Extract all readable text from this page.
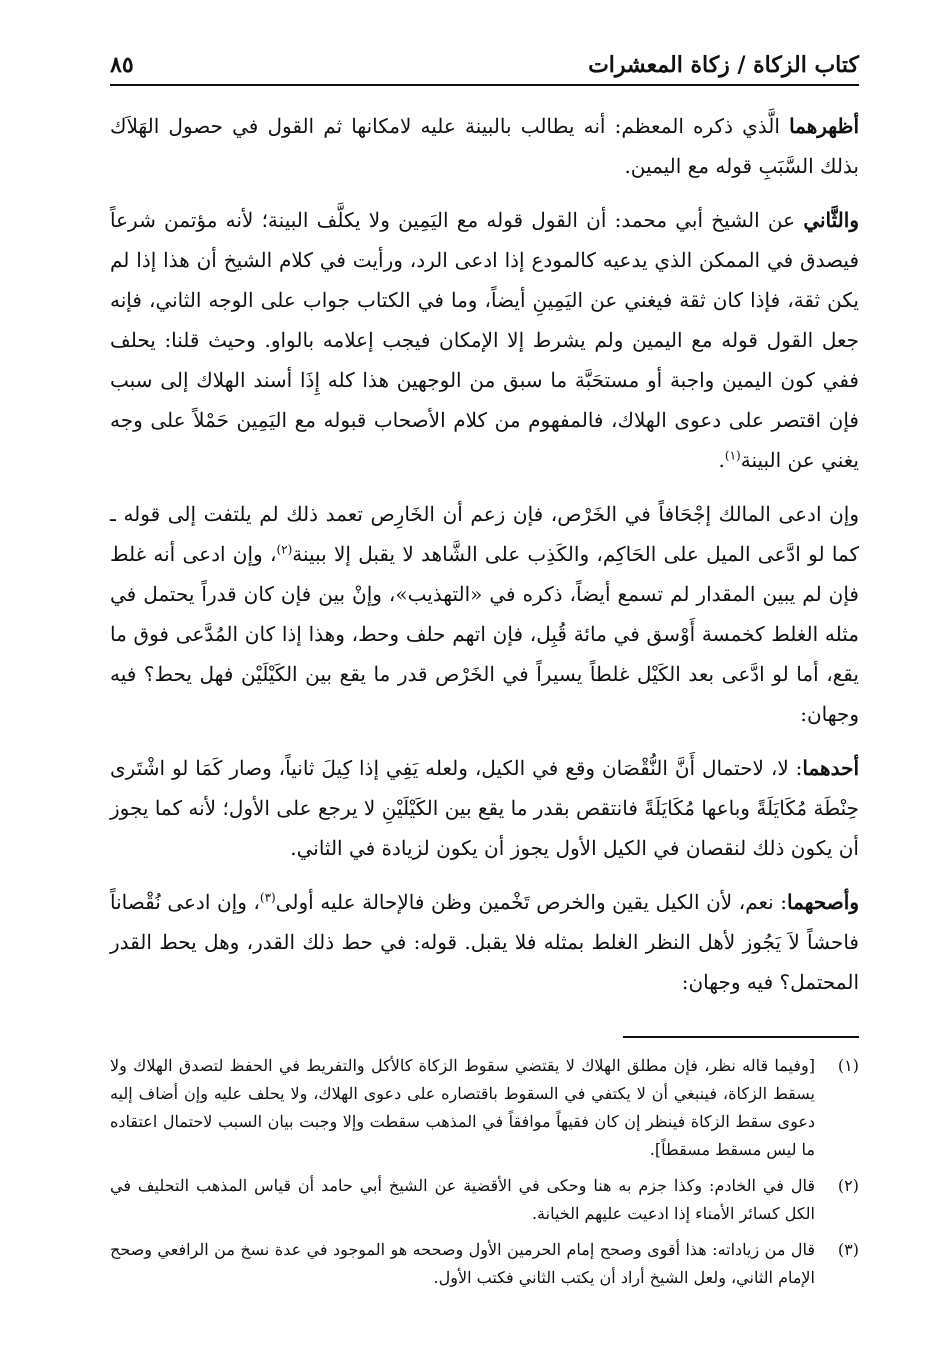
كتاب الزكاة / زكاة المعشرات
٨٥

أظهرهما الَّذي ذكره المعظم: أنه يطالب بالبينة عليه لامكانها ثم القول في حصول الهَلاَك بذلك السَّبَبِ قوله مع اليمين.

والثَّاني عن الشيخ أبي محمد: أن القول قوله مع اليَمِين ولا يكلَّف البينة؛ لأنه مؤتمن شرعاً فيصدق في الممكن الذي يدعيه كالمودع إذا ادعى الرد، ورأيت في كلام الشيخ أن هذا إذا لم يكن ثقة، فإذا كان ثقة فيغني عن اليَمِينِ أيضاً، وما في الكتاب جواب على الوجه الثاني، فإنه جعل القول قوله مع اليمين ولم يشرط إلا الإمكان فيجب إعلامه بالواو. وحيث قلنا: يحلف ففي كون اليمين واجبة أو مستحَبَّة ما سبق من الوجهين هذا كله إِذَا أسند الهلاك إلى سبب فإن اقتصر على دعوى الهلاك، فالمفهوم من كلام الأصحاب قبوله مع اليَمِين حَمْلاً على وجه يغني عن البينة$^{(١)}$.

وإن ادعى المالك إجْحَافاً في الخَرْص، فإن زعم أن الخَارِص تعمد ذلك لم يلتفت إلى قوله ـ كما لو ادَّعى الميل على الحَاكِم، والكَذِب على الشَّاهد لا يقبل إلا ببينة$^{(٢)}$، وإن ادعى أنه غلط فإن لم يبين المقدار لم تسمع أيضاً، ذكره في «التهذيب»، وإنْ بين فإن كان قدراً يحتمل في مثله الغلط كخمسة أَوْسق في مائة قُبِل، فإن اتهم حلف وحط، وهذا إذا كان المُدَّعى فوق ما يقع، أما لو ادَّعى بعد الكَيْل غلطاً يسيراً في الخَرْص قدر ما يقع بين الكَيْلَيْن فهل يحط؟ فيه وجهان:

أحدهما: لا، لاحتمال أَنَّ النُّقْصَان وقع في الكيل، ولعله يَفِي إذا كِيلَ ثانياً، وصار كَمَا لو اشْتَرى حِنْطَة مُكَايَلَةً وباعها مُكَايَلَةً فانتقص بقدر ما يقع بين الكَيْلَيْنِ لا يرجع على الأول؛ لأنه كما يجوز أن يكون ذلك لنقصان في الكيل الأول يجوز أن يكون لزيادة في الثاني.

وأصحهما: نعم، لأن الكيل يقين والخرص تَخْمين وظن فالإحالة عليه أولى$^{(٣)}$، وإن ادعى نُقْصاناً فاحشاً لاَ يَجُوز لأهل النظر الغلط بمثله فلا يقبل. قوله: في حط ذلك القدر، وهل يحط القدر المحتمل؟ فيه وجهان:

(١)
[وفيما قاله نظر، فإن مطلق الهلاك لا يقتضي سقوط الزكاة كالأكل والتفريط في الحفظ لتصدق الهلاك ولا يسقط الزكاة، فينبغي أن لا يكتفي في السقوط باقتصاره على دعوى الهلاك، ولا يحلف عليه وإن أضاف إليه دعوى سقط الزكاة فينظر إن كان فقيهاً موافقاً في المذهب سقطت وإلا وجبت بيان السبب لاحتمال اعتقاده ما ليس مسقط مسقطاً].
(٢)
قال في الخادم: وكذا جزم به هنا وحكى في الأقضية عن الشيخ أبي حامد أن قياس المذهب التحليف في الكل كسائر الأمناء إذا ادعيت عليهم الخيانة.
(٣)
قال من زياداته: هذا أقوى وصحح إمام الحرمين الأول وصححه هو الموجود في عدة نسخ من الرافعي وصحح الإمام الثاني، ولعل الشيخ أراد أن يكتب الثاني فكتب الأول.
